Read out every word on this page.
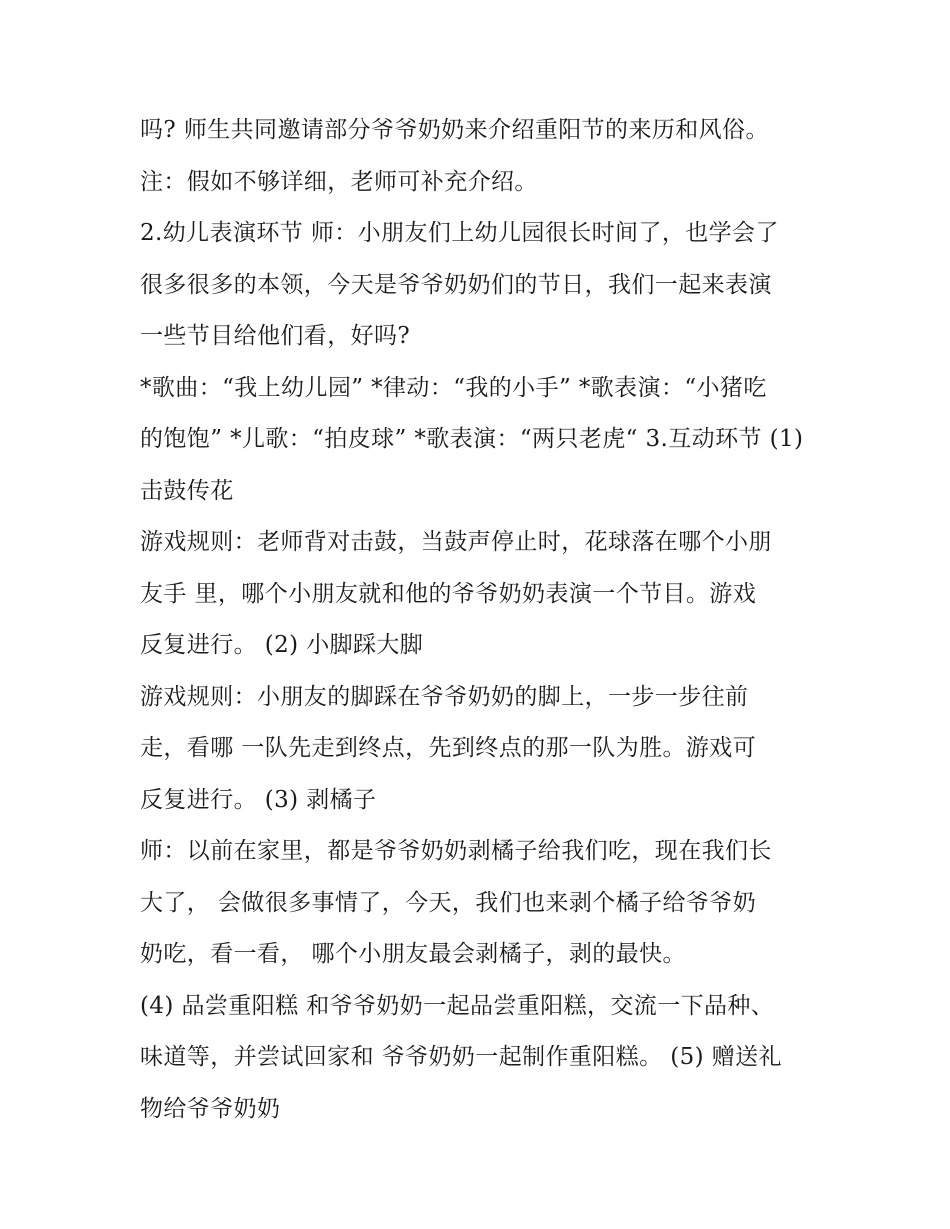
吗? 师生共同邀请部分爷爷奶奶来介绍重阳节的来历和风俗。
注：假如不够详细，老师可补充介绍。
2.幼儿表演环节 师：小朋友们上幼儿园很长时间了，也学会了
很多很多的本领，今天是爷爷奶奶们的节日，我们一起来表演
一些节目给他们看，好吗?
*歌曲：“我上幼儿园” *律动：“我的小手” *歌表演：“小猪吃
的饱饱” *儿歌：“拍皮球” *歌表演：“两只老虎“ 3.互动环节 (1)
击鼓传花
游戏规则：老师背对击鼓，当鼓声停止时，花球落在哪个小朋
友手 里，哪个小朋友就和他的爷爷奶奶表演一个节目。游戏
反复进行。 (2) 小脚踩大脚
游戏规则：小朋友的脚踩在爷爷奶奶的脚上，一步一步往前
走，看哪 一队先走到终点，先到终点的那一队为胜。游戏可
反复进行。 (3) 剥橘子
师：以前在家里，都是爷爷奶奶剥橘子给我们吃，现在我们长
大了， 会做很多事情了，今天，我们也来剥个橘子给爷爷奶
奶吃，看一看， 哪个小朋友最会剥橘子，剥的最快。
(4) 品尝重阳糕 和爷爷奶奶一起品尝重阳糕，交流一下品种、
味道等，并尝试回家和 爷爷奶奶一起制作重阳糕。 (5) 赠送礼
物给爷爷奶奶
